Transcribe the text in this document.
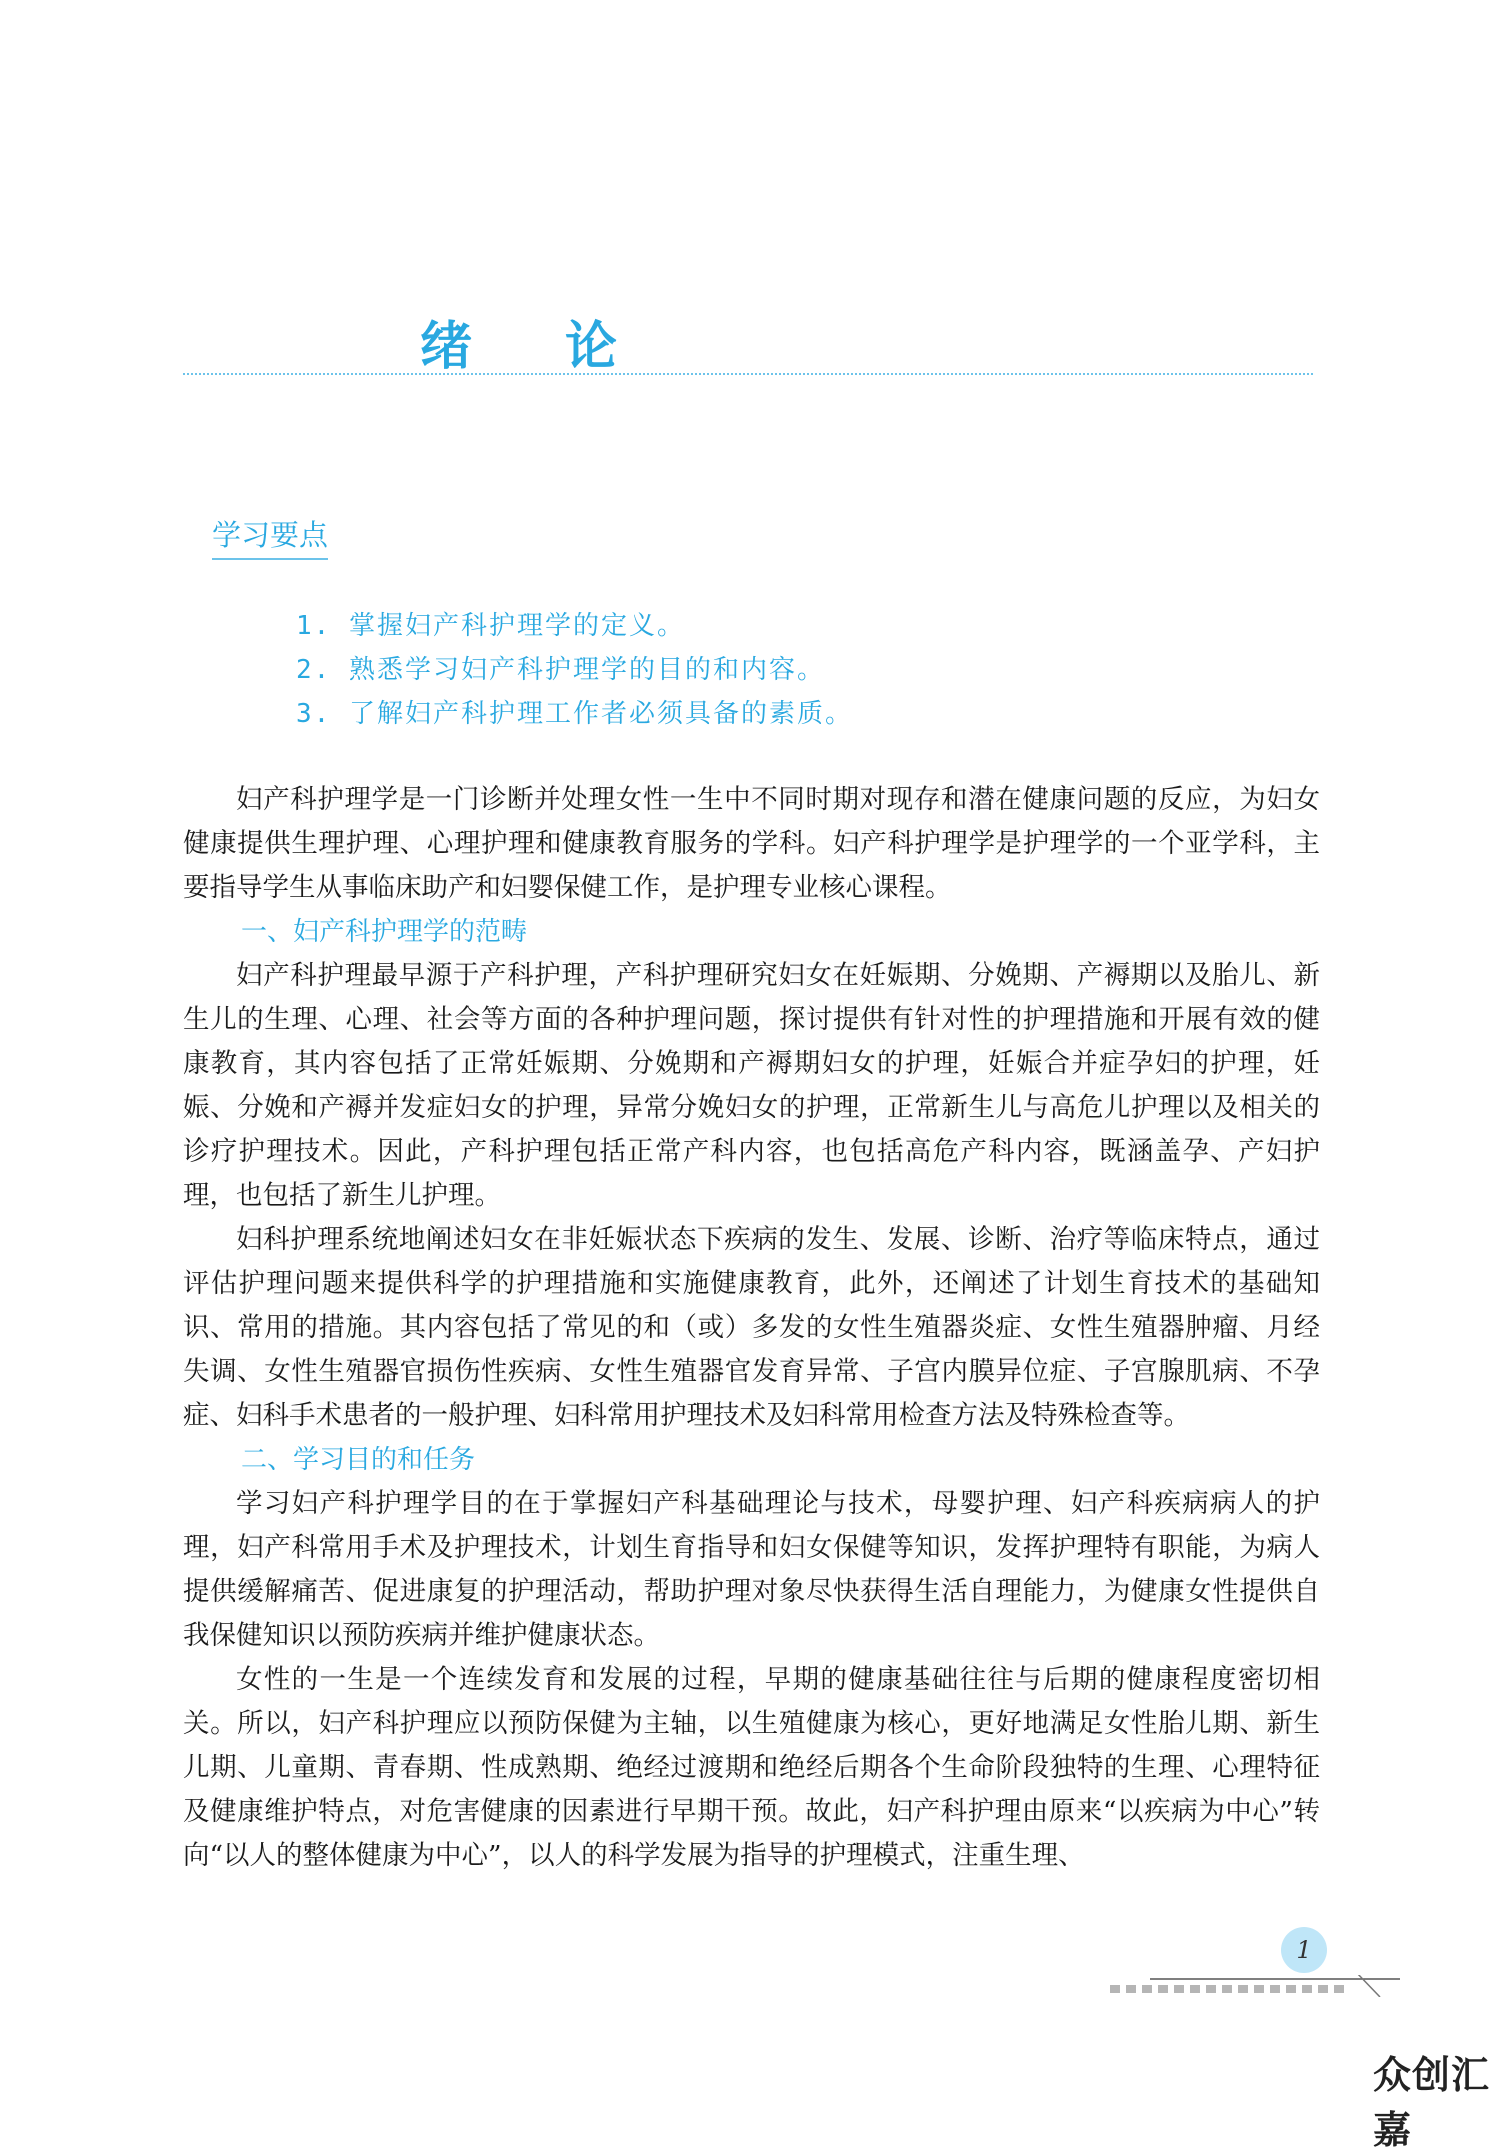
绪 论
学习要点
1. 掌握妇产科护理学的定义。
2. 熟悉学习妇产科护理学的目的和内容。
3. 了解妇产科护理工作者必须具备的素质。

妇产科护理学是一门诊断并处理女性一生中不同时期对现存和潜在健康问题的反应，为妇女健康提供生理护理、心理护理和健康教育服务的学科。妇产科护理学是护理学的一个亚学科，主要指导学生从事临床助产和妇婴保健工作，是护理专业核心课程。

一、妇产科护理学的范畴

妇产科护理最早源于产科护理，产科护理研究妇女在妊娠期、分娩期、产褥期以及胎儿、新生儿的生理、心理、社会等方面的各种护理问题，探讨提供有针对性的护理措施和开展有效的健康教育，其内容包括了正常妊娠期、分娩期和产褥期妇女的护理，妊娠合并症孕妇的护理，妊娠、分娩和产褥并发症妇女的护理，异常分娩妇女的护理，正常新生儿与高危儿护理以及相关的诊疗护理技术。因此，产科护理包括正常产科内容，也包括高危产科内容，既涵盖孕、产妇护理，也包括了新生儿护理。

妇科护理系统地阐述妇女在非妊娠状态下疾病的发生、发展、诊断、治疗等临床特点，通过评估护理问题来提供科学的护理措施和实施健康教育，此外，还阐述了计划生育技术的基础知识、常用的措施。其内容包括了常见的和（或）多发的女性生殖器炎症、女性生殖器肿瘤、月经失调、女性生殖器官损伤性疾病、女性生殖器官发育异常、子宫内膜异位症、子宫腺肌病、不孕症、妇科手术患者的一般护理、妇科常用护理技术及妇科常用检查方法及特殊检查等。

二、学习目的和任务

学习妇产科护理学目的在于掌握妇产科基础理论与技术，母婴护理、妇产科疾病病人的护理，妇产科常用手术及护理技术，计划生育指导和妇女保健等知识，发挥护理特有职能，为病人提供缓解痛苦、促进康复的护理活动，帮助护理对象尽快获得生活自理能力，为健康女性提供自我保健知识以预防疾病并维护健康状态。

女性的一生是一个连续发育和发展的过程，早期的健康基础往往与后期的健康程度密切相关。所以，妇产科护理应以预防保健为主轴，以生殖健康为核心，更好地满足女性胎儿期、新生儿期、儿童期、青春期、性成熟期、绝经过渡期和绝经后期各个生命阶段独特的生理、心理特征及健康维护特点，对危害健康的因素进行早期干预。故此，妇产科护理由原来“以疾病为中心”转向“以人的整体健康为中心”，以人的科学发展为指导的护理模式，注重生理、

1
众创汇嘉
